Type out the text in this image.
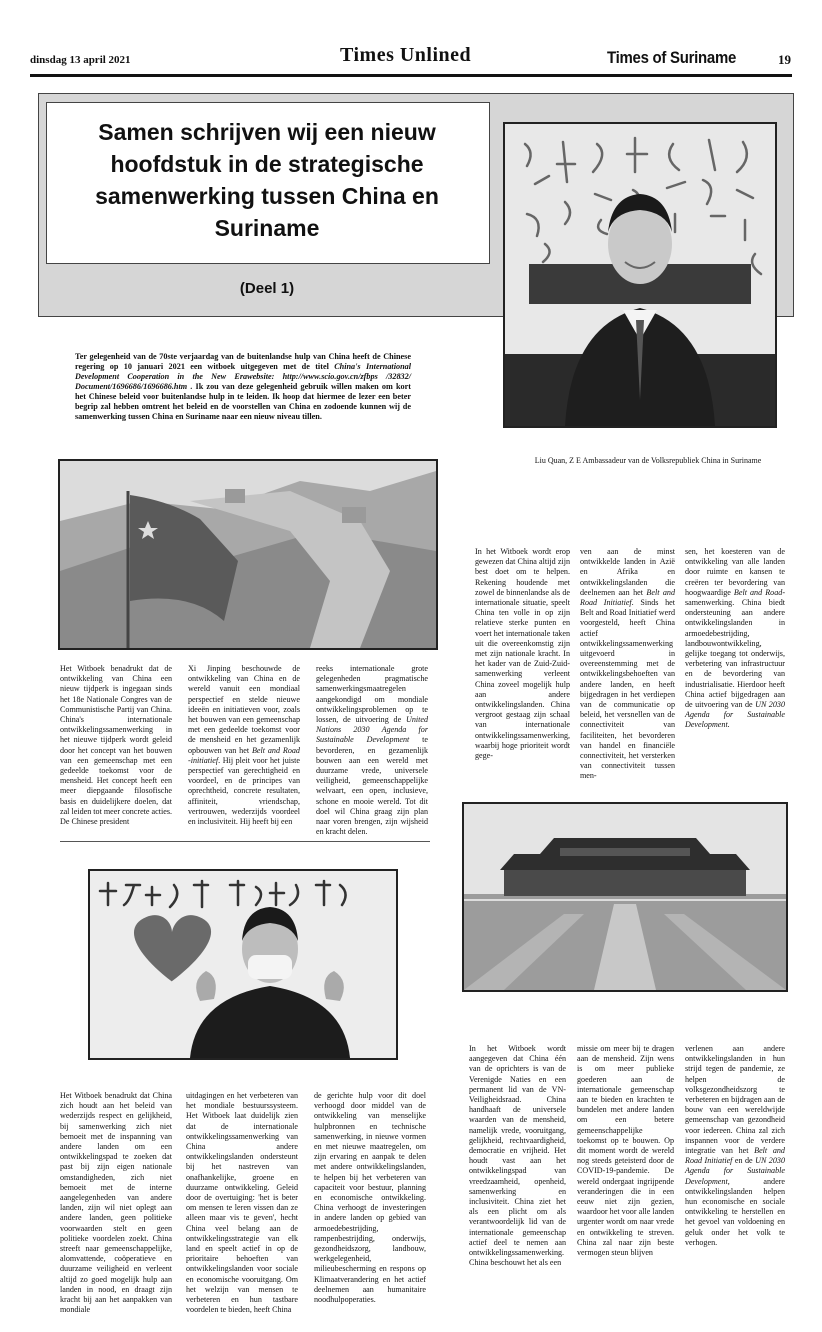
dinsdag 13 april 2021	Times Unlined	Times of Suriname	19
Samen schrijven wij een nieuw hoofdstuk in de strategische samenwerking tussen China en Suriname
(Deel 1)
Liu Quan, Z E Ambassadeur van de Volksrepubliek China in Suriname
Ter gelegenheid van de 70ste verjaardag van de buitenlandse hulp van China heeft de Chinese regering op 10 januari 2021 een witboek uitgegeven met de titel China's International Development Cooperation in the New Erawebsite: http://www.scio.gov.cn/zfbps /32832/ Document/1696686/1696686.htm . Ik zou van deze gelegenheid gebruik willen maken om kort het Chinese beleid voor buitenlandse hulp in te leiden. Ik hoop dat hiermee de lezer een beter begrip zal hebben omtrent het beleid en de voorstellen van China en zodoende kunnen wij de samenwerking tussen China en Suriname naar een nieuw niveau tillen.
In het Witboek wordt erop gewezen dat China altijd zijn best doet om te helpen. Rekening houdende met zowel de binnenlandse als de internationale situatie, speelt China ten volle in op zijn relatieve sterke punten en voert het internationale taken uit die overeenkomstig zijn met zijn nationale kracht. In het kader van de Zuid-Zuid-samenwerking verleent China zoveel mogelijk hulp aan andere ontwikkelingslanden. China vergroot gestaag zijn schaal van internationale ontwikkelingssamenwerking, waarbij hoge prioriteit wordt gege-
ven aan de minst ontwikkelde landen in Azië en Afrika en ontwikkelingslanden die deelnemen aan het Belt and Road Initiatief. Sinds het Belt and Road Initiatief werd voorgesteld, heeft China actief ontwikkelingssamenwerking uitgevoerd in overeenstemming met de ontwikkelingsbehoeften van andere landen, en heeft bijgedragen in het verdiepen van de communicatie op beleid, het versnellen van de connectiviteit van faciliteiten, het bevorderen van handel en financiële connectiviteit, het versterken van connectiviteit tussen men-
sen, het koesteren van de ontwikkeling van alle landen door ruimte en kansen te creëren ter bevordering van hoogwaardige Belt and Road-samenwerking. China biedt ondersteuning aan andere ontwikkelingslanden in armoedebestrijding, landbouwontwikkeling, gelijke toegang tot onderwijs, verbetering van infrastructuur en de bevordering van industrialisatie. Hierdoor heeft China actief bijgedragen aan de uitvoering van de UN 2030 Agenda for Sustainable Development.
Het Witboek benadrukt dat de ontwikkeling van China een nieuw tijdperk is ingegaan sinds het 18e Nationale Congres van de Communistische Partij van China. China's internationale ontwikkelingssamenwerking in het nieuwe tijdperk wordt geleid door het concept van het bouwen van een gemeenschap met een gedeelde toekomst voor de mensheid. Het concept heeft een meer diepgaande filosofische basis en duidelijkere doelen, dat zal leiden tot meer concrete acties. De Chinese president
Xi Jinping beschouwde de ontwikkeling van China en de wereld vanuit een mondiaal perspectief en stelde nieuwe ideeën en initiatieven voor, zoals het bouwen van een gemeenschap met een gedeelde toekomst voor de mensheid en het gezamenlijk opbouwen van het Belt and Road -initiatief. Hij pleit voor het juiste perspectief van gerechtigheid en voordeel, en de principes van oprechtheid, concrete resultaten, affiniteit, vriendschap, vertrouwen, wederzijds voordeel en inclusiviteit. Hij heeft bij een
reeks internationale grote gelegenheden pragmatische samenwerkingsmaatregelen aangekondigd om mondiale ontwikkelingsproblemen op te lossen, de uitvoering de United Nations 2030 Agenda for Sustainable Development te bevorderen, en gezamenlijk bouwen aan een wereld met duurzame vrede, universele veiligheid, gemeenschappelijke welvaart, een open, inclusieve, schone en mooie wereld. Tot dit doel wil China graag zijn plan naar voren brengen, zijn wijsheid en kracht delen.
In het Witboek wordt aangegeven dat China één van de oprichters is van de Verenigde Naties en een permanent lid van de VN-Veiligheidsraad. China handhaaft de universele waarden van de mensheid, namelijk vrede, vooruitgang, gelijkheid, rechtvaardigheid, democratie en vrijheid. Het houdt vast aan het ontwikkelingspad van vreedzaamheid, openheid, samenwerking en inclusiviteit. China ziet het als een plicht om als verantwoordelijk lid van de internationale gemeenschap actief deel te nemen aan ontwikkelingssamenwerking. China beschouwt het als een
missie om meer bij te dragen aan de mensheid. Zijn wens is om meer publieke goederen aan de internationale gemeenschap aan te bieden en krachten te bundelen met andere landen om een betere gemeenschappelijke toekomst op te bouwen. Op dit moment wordt de wereld nog steeds geteisterd door de COVID-19-pandemie. De wereld ondergaat ingrijpende veranderingen die in een eeuw niet zijn gezien, waardoor het voor alle landen urgenter wordt om naar vrede en ontwikkeling te streven. China zal naar zijn beste vermogen steun blijven
verlenen aan andere ontwikkelingslanden in hun strijd tegen de pandemie, ze helpen de volksgezondheidszorg te verbeteren en bijdragen aan de bouw van een wereldwijde gemeenschap van gezondheid voor iedereen. China zal zich inspannen voor de verdere integratie van het Belt and Road Initiatief en de UN 2030 Agenda for Sustainable Development, andere ontwikkelingslanden helpen hun economische en sociale ontwikkeling te herstellen en het gevoel van voldoening en geluk onder het volk te verhogen.
Het Witboek benadrukt dat China zich houdt aan het beleid van wederzijds respect en gelijkheid, bij samenwerking zich niet bemoeit met de inspanning van andere landen om een ontwikkelingspad te zoeken dat past bij zijn eigen nationale omstandigheden, zich niet bemoeit met de interne aangelegenheden van andere landen, zijn wil niet oplegt aan andere landen, geen politieke voorwaarden stelt en geen politieke voordelen zoekt. China streeft naar gemeenschappelijke, alomvattende, coöperatieve en duurzame veiligheid en verleent altijd zo goed mogelijk hulp aan landen in nood, en draagt zijn kracht bij aan het aanpakken van mondiale
uitdagingen en het verbeteren van het mondiale bestuurssysteem. Het Witboek laat duidelijk zien dat de internationale ontwikkelingssamenwerking van China andere ontwikkelingslanden ondersteunt bij het nastreven van onafhankelijke, groene en duurzame ontwikkeling. Geleid door de overtuiging: 'het is beter om mensen te leren vissen dan ze alleen maar vis te geven', hecht China veel belang aan de ontwikkelingsstrategie van elk land en speelt actief in op de prioritaire behoeften van ontwikkelingslanden voor sociale en economische vooruitgang. Om het welzijn van mensen te verbeteren en hun tastbare voordelen te bieden, heeft China
de gerichte hulp voor dit doel verhoogd door middel van de ontwikkeling van menselijke hulpbronnen en technische samenwerking, in nieuwe vormen en met nieuwe maatregelen, om zijn ervaring en aanpak te delen met andere ontwikkelingslanden, te helpen bij het verbeteren van capaciteit voor bestuur, planning en economische ontwikkeling. China verhoogt de investeringen in andere landen op gebied van armoedebestrijding, rampenbestrijding, onderwijs, gezondheidszorg, landbouw, werkgelegenheid, milieubescherming en respons op Klimaatverandering en het actief deelnemen aan humanitaire noodhulpoperaties.
